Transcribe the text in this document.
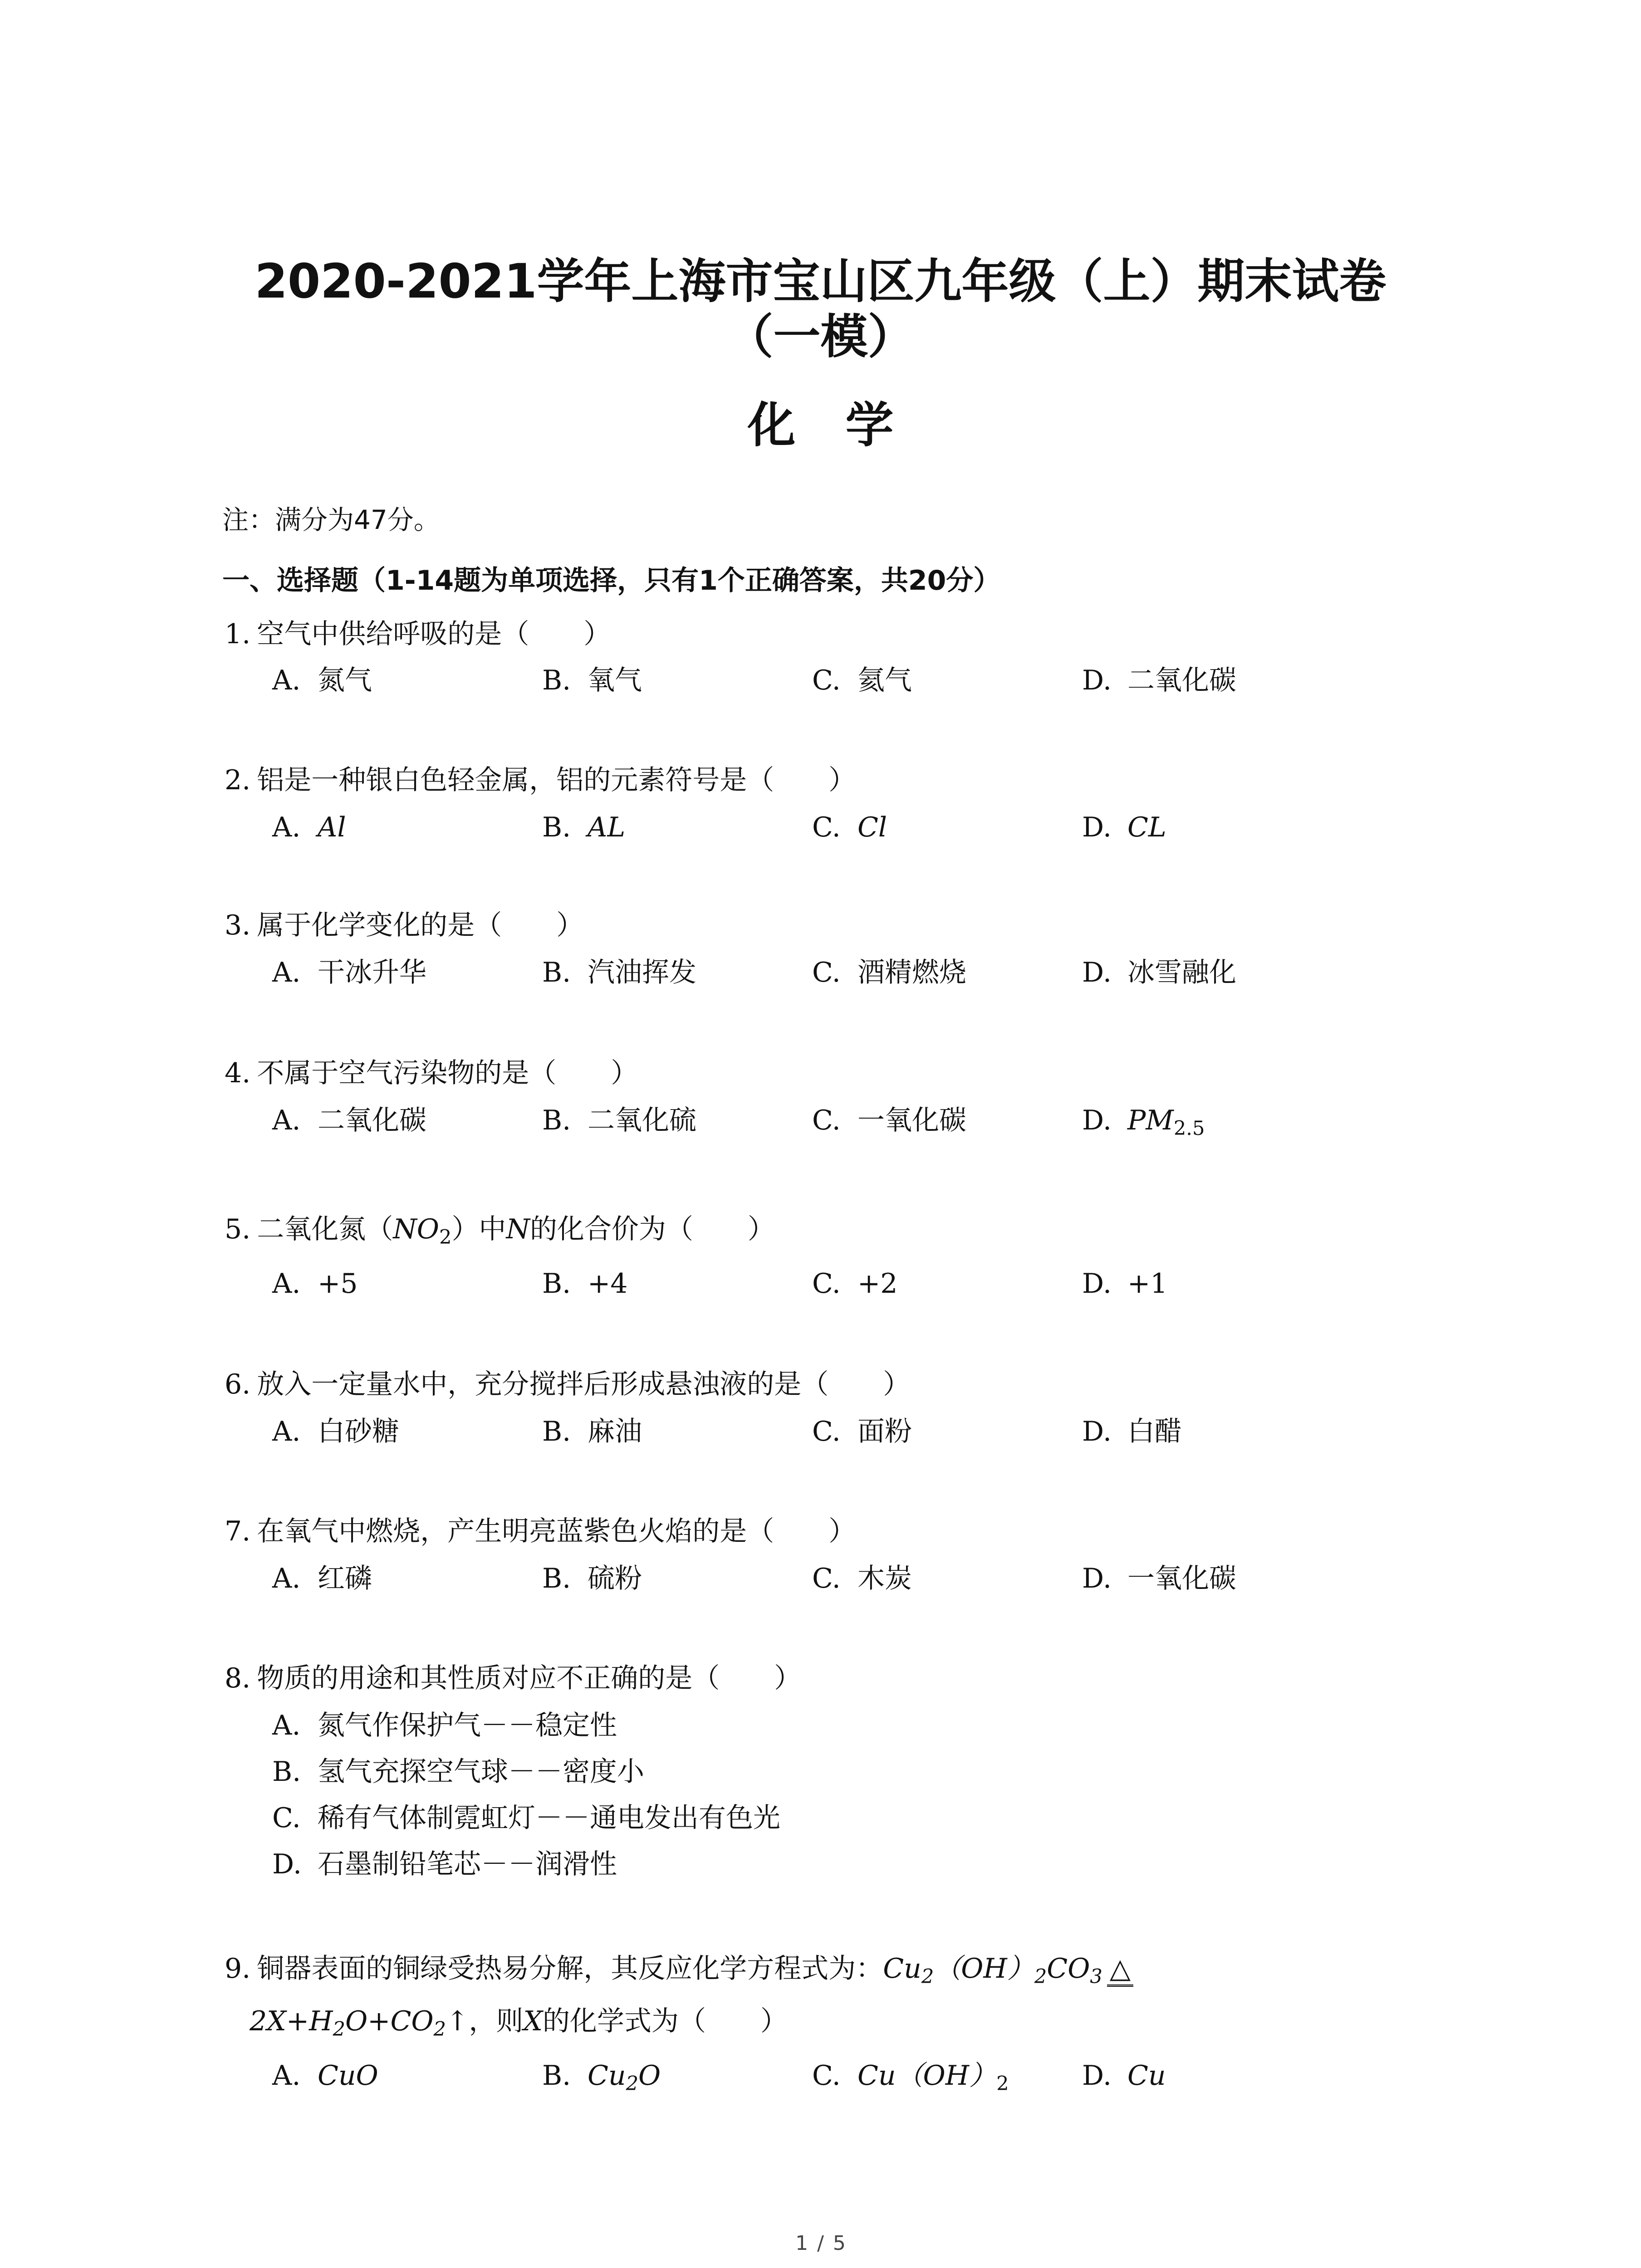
2020-2021学年上海市宝山区九年级（上）期末试卷
（一模）
化学
注：满分为47分。
一、选择题（1-14题为单项选择，只有1个正确答案，共20分）
1. 空气中供给呼吸的是（　　）
A. 氮气	B. 氧气	C. 氦气	D. 二氧化碳
2. 铝是一种银白色轻金属，铝的元素符号是（　　）
A. Al	B. AL	C. Cl	D. CL
3. 属于化学变化的是（　　）
A. 干冰升华	B. 汽油挥发	C. 酒精燃烧	D. 冰雪融化
4. 不属于空气污染物的是（　　）
A. 二氧化碳	B. 二氧化硫	C. 一氧化碳	D. $PM_{2.5}$
5. 二氧化氮$(NO_2)$中N的化合价为（　　）
A. +5	B. +4	C. +2	D. +1
6. 放入一定量水中，充分搅拌后形成悬浊液的是（　　）
A. 白砂糖	B. 麻油	C. 面粉	D. 白醋
7. 在氧气中燃烧，产生明亮蓝紫色火焰的是（　　）
A. 红磷	B. 硫粉	C. 木炭	D. 一氧化碳
8. 物质的用途和其性质对应不正确的是（　　）
A. 氮气作保护气－－稳定性
B. 氢气充探空气球－－密度小
C. 稀有气体制霓虹灯－－通电发出有色光
D. 石墨制铅笔芯－－润滑性
9. 铜器表面的铜绿受热易分解，其反应化学方程式为：$Cu_2(OH)_2CO_3$ △
$2X+H_2O+CO_2↑$，则X的化学式为（　　）
A. CuO	B. $Cu_2O$	C. $Cu(OH)_2$	D. Cu
1 / 5
